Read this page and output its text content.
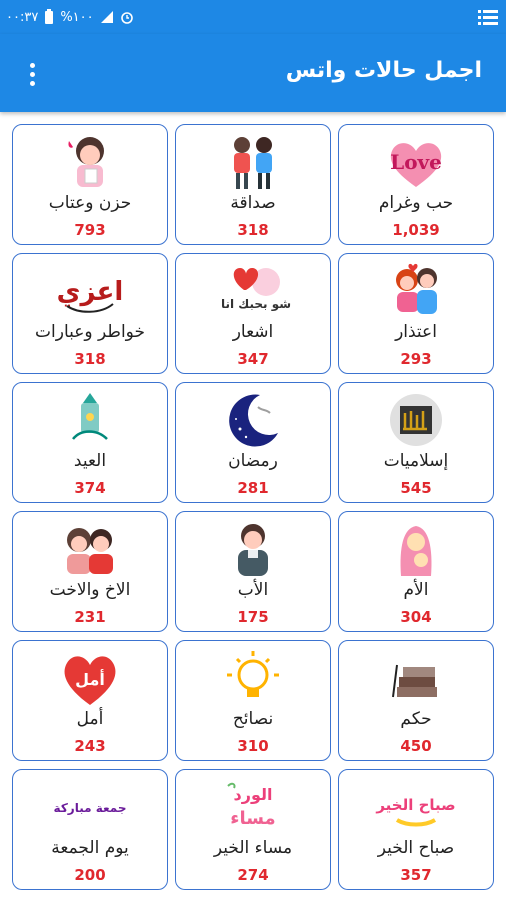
٠٠:٣٧ %١٠٠
اجمل حالات واتس
Love
حب وغرام
1,039
صداقة
318
حزن وعتاب
793
اعتذار
293
شو بحبك انا
اشعار
347
اعزي
خواطر وعبارات
318
إسلاميات
545
رمضان
281
العيد
374
الأم
304
الأب
175
الاخ والاخت
231
حكم
450
نصائح
310
أمل
أمل
243
صباح الخير
صباح الخير
357
الورد
مساء
مساء الخير
274
جمعة مباركة
يوم الجمعة
200
